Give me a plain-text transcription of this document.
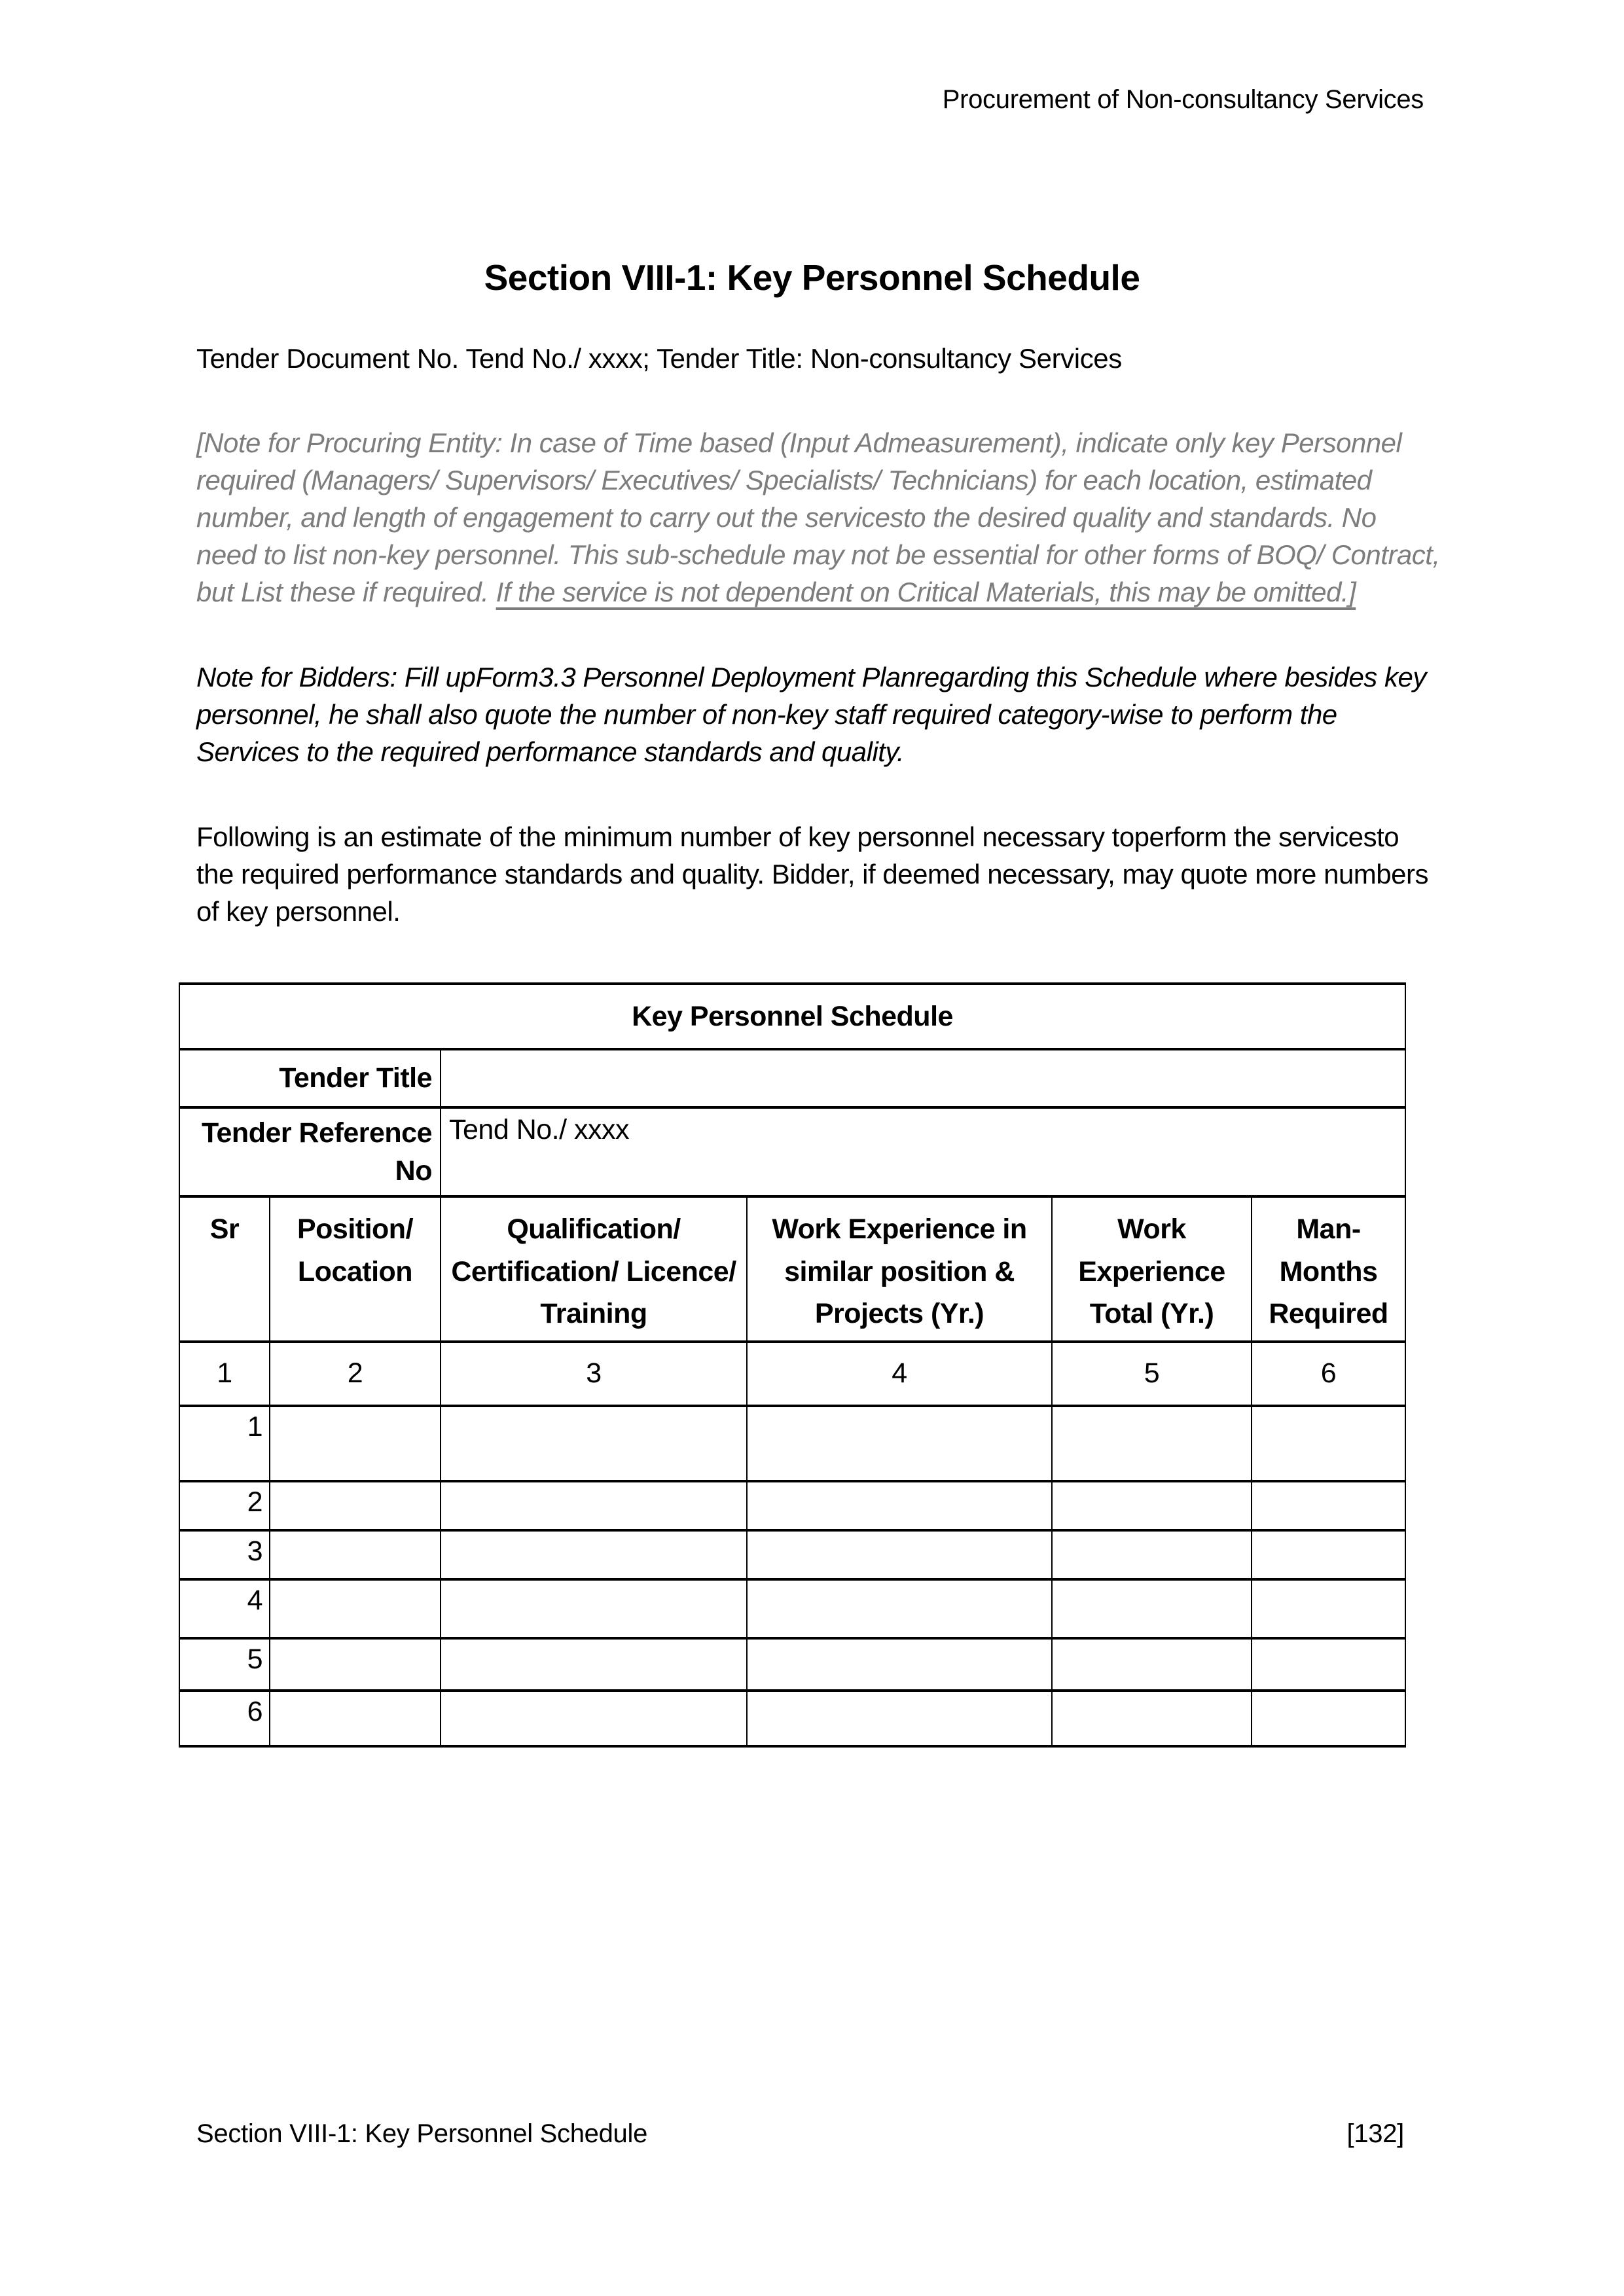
Procurement of Non-consultancy Services
Section VIII-1: Key Personnel Schedule
Tender Document No. Tend No./ xxxx; Tender Title: Non-consultancy Services

[Note for Procuring Entity: In case of Time based (Input Admeasurement), indicate only key Personnel required (Managers/ Supervisors/ Executives/ Specialists/ Technicians) for each location, estimated number, and length of engagement to carry out the servicesto the desired quality and standards. No need to list non-key personnel. This sub-schedule may not be essential for other forms of BOQ/ Contract, but List these if required. If the service is not dependent on Critical Materials, this may be omitted.]

Note for Bidders: Fill upForm3.3 Personnel Deployment Planregarding this Schedule where besides key personnel, he shall also quote the number of non-key staff required category-wise to perform the Services to the required performance standards and quality.

Following is an estimate of the minimum number of key personnel necessary toperform the servicesto the required performance standards and quality. Bidder, if deemed necessary, may quote more numbers of key personnel.

Key Personnel Schedule					
Tender Title					
Tender Reference No		Tend No./ xxxx			
Sr	Position/ Location	Qualification/ Certification/ Licence/ Training	Work Experience in similar position & Projects (Yr.)	Work Experience Total (Yr.)	Man-Months Required
1	2	3	4	5	6
1					
2					
3					
4					
5					
6					
Section VIII-1: Key Personnel Schedule	[132]
